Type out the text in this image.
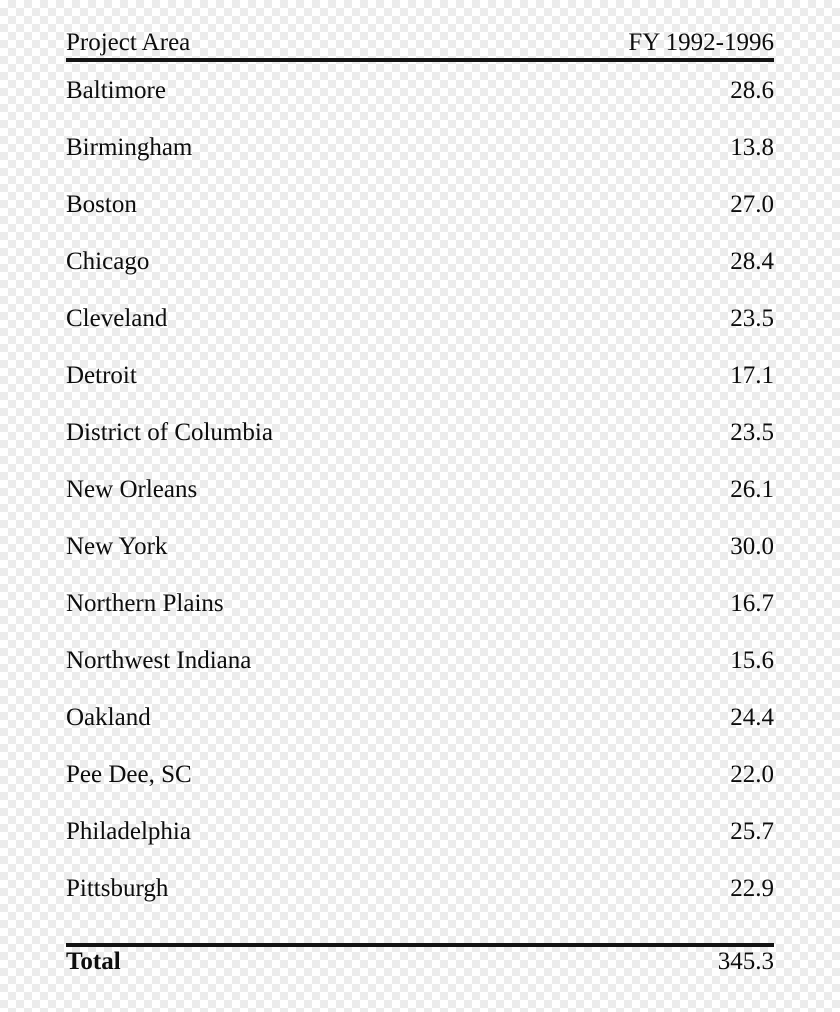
Project Area	FY 1992-1996
Baltimore	28.6
Birmingham	13.8
Boston	27.0
Chicago	28.4
Cleveland	23.5
Detroit	17.1
District of Columbia	23.5
New Orleans	26.1
New York	30.0
Northern Plains	16.7
Northwest Indiana	15.6
Oakland	24.4
Pee Dee, SC	22.0
Philadelphia	25.7
Pittsburgh	22.9
Total	345.3
